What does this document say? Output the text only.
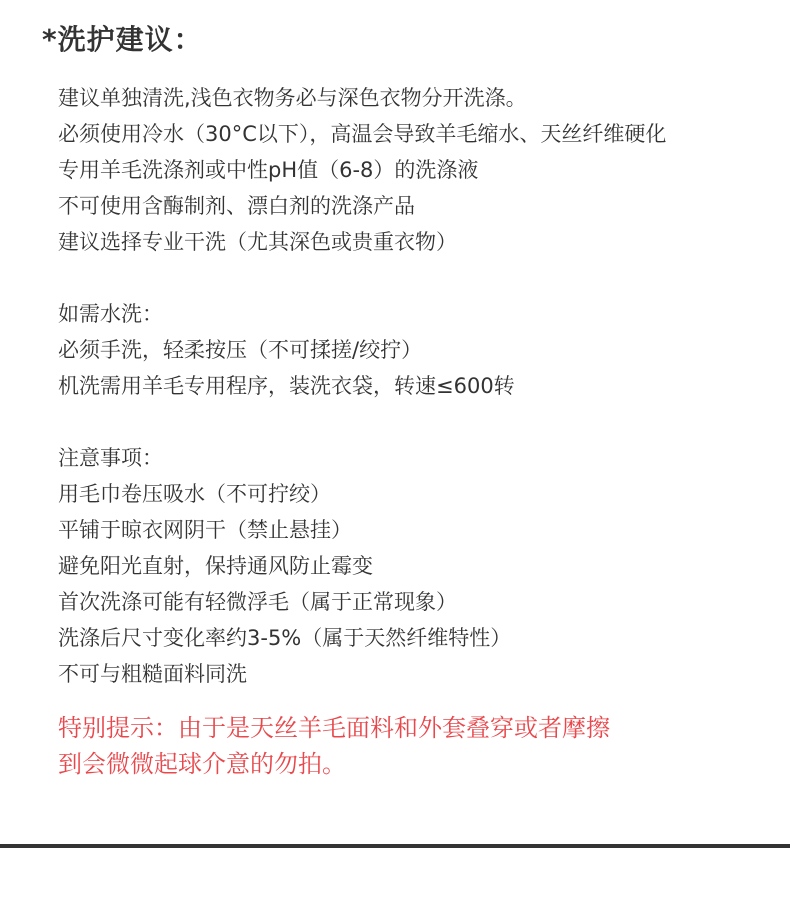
*洗护建议：
建议单独清洗,浅色衣物务必与深色衣物分开洗涤。
必须使用冷水（30°C以下），高温会导致羊毛缩水、天丝纤维硬化
专用羊毛洗涤剂或中性pH值（6-8）的洗涤液
不可使用含酶制剂、漂白剂的洗涤产品
建议选择专业干洗（尤其深色或贵重衣物）
如需水洗：
必须手洗，轻柔按压（不可揉搓/绞拧）
机洗需用羊毛专用程序，装洗衣袋，转速≤600转
注意事项：
用毛巾卷压吸水（不可拧绞）
平铺于晾衣网阴干（禁止悬挂）
避免阳光直射，保持通风防止霉变
首次洗涤可能有轻微浮毛（属于正常现象）
洗涤后尺寸变化率约3-5%（属于天然纤维特性）
不可与粗糙面料同洗
特别提示：由于是天丝羊毛面料和外套叠穿或者摩擦
到会微微起球介意的勿拍。
